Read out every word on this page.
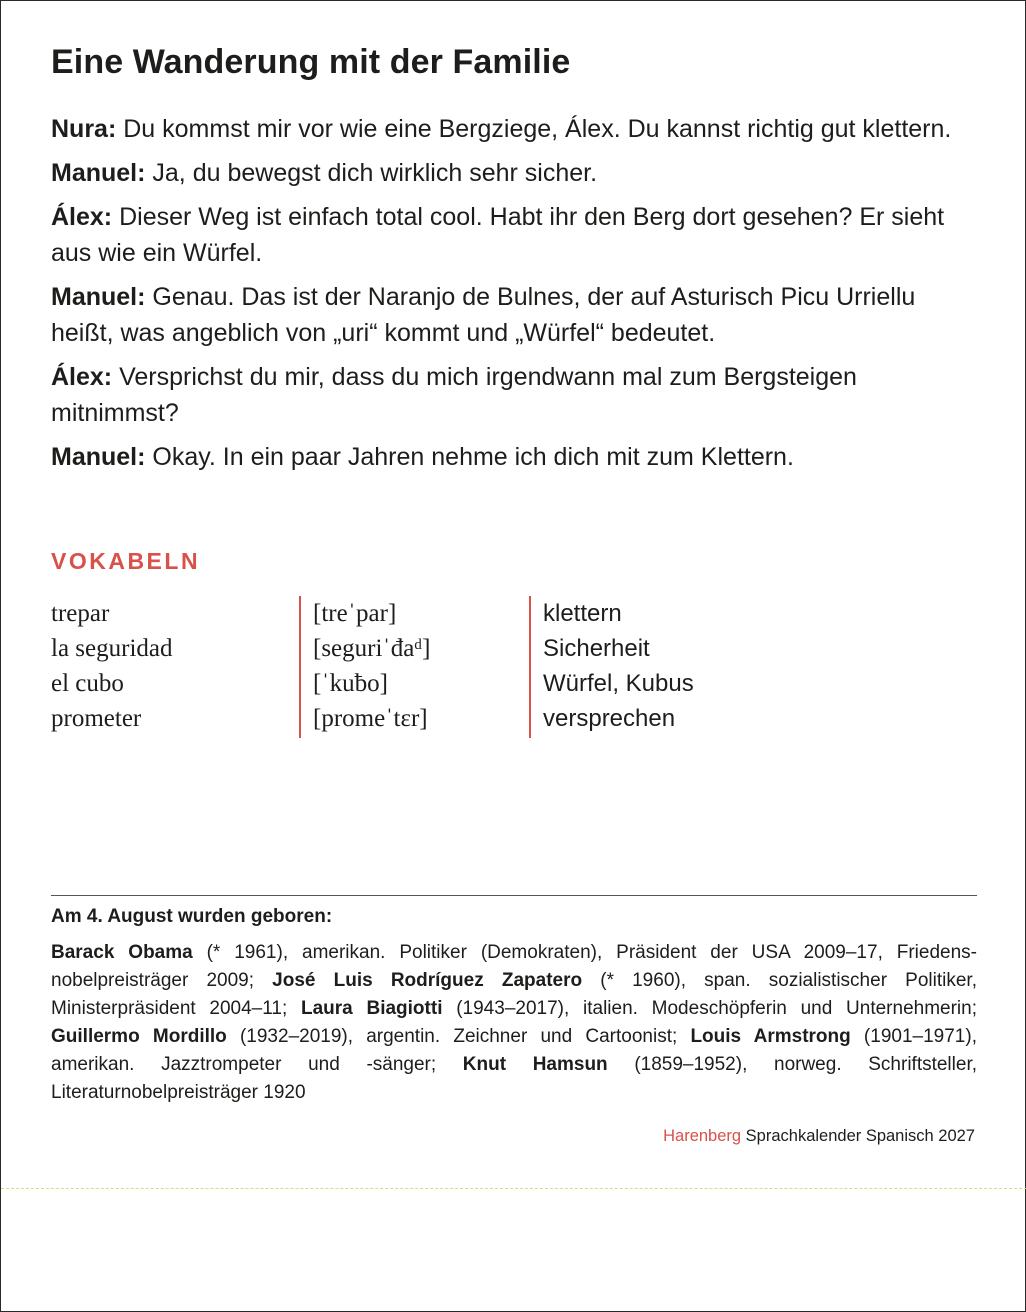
Eine Wanderung mit der Familie

Nura: Du kommst mir vor wie eine Bergziege, Álex. Du kannst richtig gut klettern.

Manuel: Ja, du bewegst dich wirklich sehr sicher.

Álex: Dieser Weg ist einfach total cool. Habt ihr den Berg dort gesehen? Er sieht aus wie ein Würfel.

Manuel: Genau. Das ist der Naranjo de Bulnes, der auf Asturisch Picu Urriellu heißt, was angeblich von „uri“ kommt und „Würfel“ bedeutet.

Álex: Versprichst du mir, dass du mich irgendwann mal zum Bergsteigen mitnimmst?

Manuel: Okay. In ein paar Jahren nehme ich dich mit zum Klettern.

VOKABELN
trepar
la seguridad
el cubo
prometer
[treˈpar]
[seguriˈđaᵈ]
[ˈkuƀo]
[promeˈtɛr]
klettern
Sicherheit
Würfel, Kubus
versprechen
Am 4. August wurden geboren:

Barack Obama (* 1961), amerikan. Politiker (Demokraten), Präsident der USA 2009–17, Friedensnobelpreisträger 2009; José Luis Rodríguez Zapatero (* 1960), span. sozialistischer Politiker, Ministerpräsident 2004–11; Laura Biagiotti (1943–2017), italien. Modeschöpferin und Unternehmerin; Guillermo Mordillo (1932–2019), argentin. Zeichner und Cartoonist; Louis Armstrong (1901–1971), amerikan. Jazztrompeter und -sänger; Knut Hamsun (1859–1952), norweg. Schriftsteller, Literaturnobelpreisträger 1920

Harenberg Sprachkalender Spanisch 2027
